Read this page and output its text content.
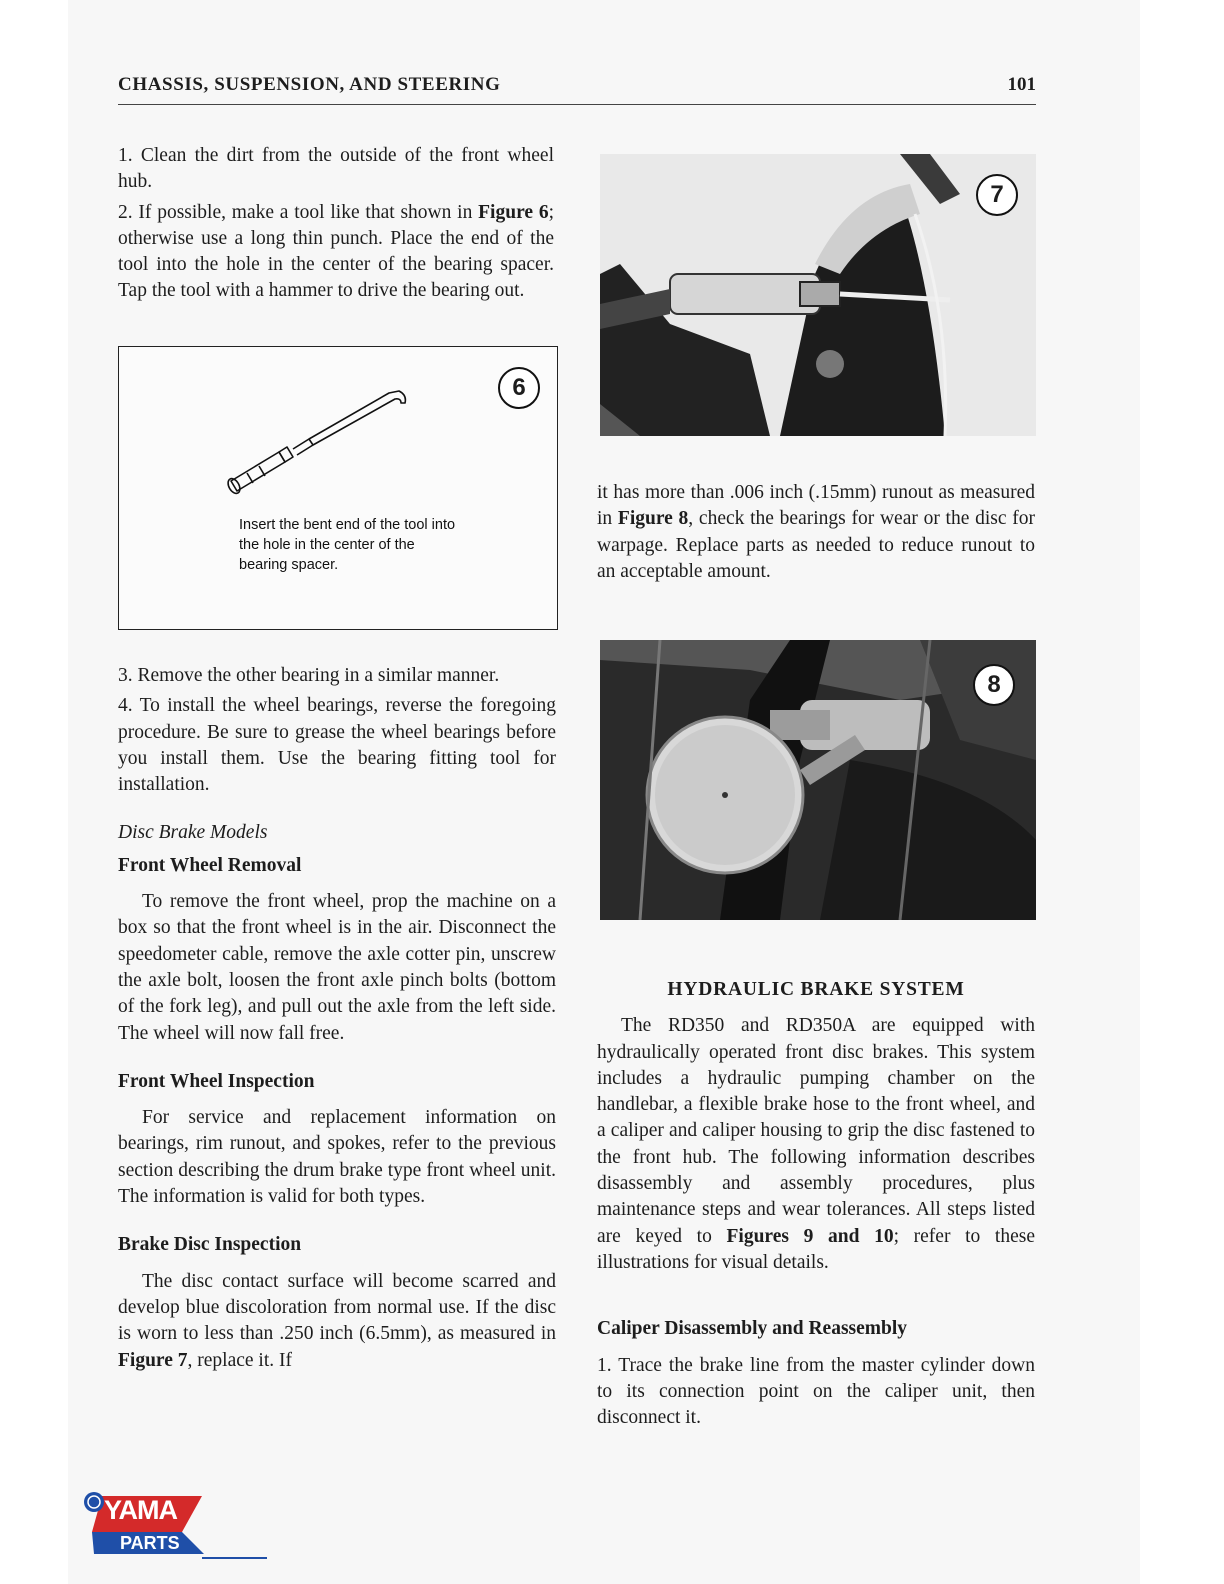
CHASSIS, SUSPENSION, AND STEERING	101

1. Clean the dirt from the outside of the front wheel hub.

2. If possible, make a tool like that shown in Figure 6; otherwise use a long thin punch. Place the end of the tool into the hole in the center of the bearing spacer. Tap the tool with a hammer to drive the bearing out.

6
Insert the bent end of the tool into the hole in the center of the bearing spacer.

3. Remove the other bearing in a similar manner.

4. To install the wheel bearings, reverse the foregoing procedure. Be sure to grease the wheel bearings before you install them. Use the bearing fitting tool for installation.

Disc Brake Models

Front Wheel Removal

To remove the front wheel, prop the machine on a box so that the front wheel is in the air. Disconnect the speedometer cable, remove the axle cotter pin, unscrew the axle bolt, loosen the front axle pinch bolts (bottom of the fork leg), and pull out the axle from the left side. The wheel will now fall free.

Front Wheel Inspection

For service and replacement information on bearings, rim runout, and spokes, refer to the previous section describing the drum brake type front wheel unit. The information is valid for both types.

Brake Disc Inspection

The disc contact surface will become scarred and develop blue discoloration from normal use. If the disc is worn to less than .250 inch (6.5mm), as measured in Figure 7, replace it. If

7

it has more than .006 inch (.15mm) runout as measured in Figure 8, check the bearings for wear or the disc for warpage. Replace parts as needed to reduce runout to an acceptable amount.

8

HYDRAULIC BRAKE SYSTEM

The RD350 and RD350A are equipped with hydraulically operated front disc brakes. This system includes a hydraulic pumping chamber on the handlebar, a flexible brake hose to the front wheel, and a caliper and caliper housing to grip the disc fastened to the front hub. The following information describes disassembly and assembly procedures, plus maintenance steps and wear tolerances. All steps listed are keyed to Figures 9 and 10; refer to these illustrations for visual details.

Caliper Disassembly and Reassembly

1. Trace the brake line from the master cylinder down to its connection point on the caliper unit, then disconnect it.

YAMA
PARTS
